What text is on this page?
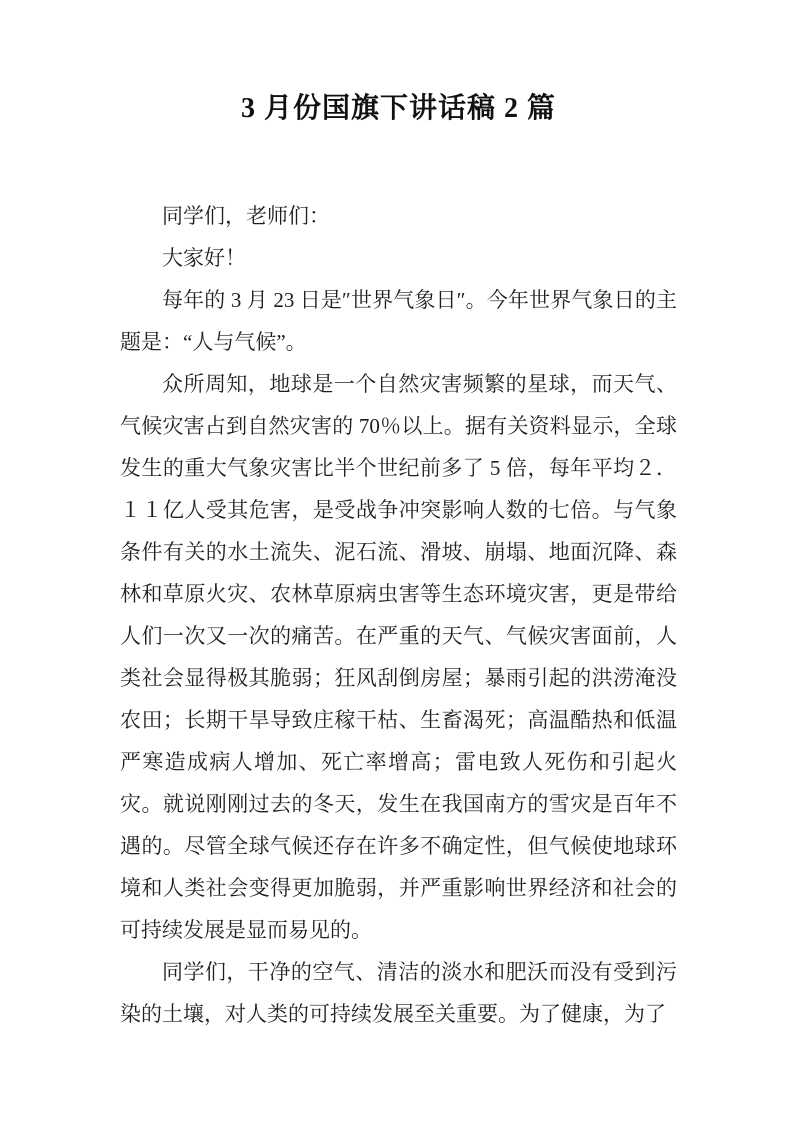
3 月份国旗下讲话稿 2 篇

同学们，老师们：

大家好！

每年的 3 月 23 日是″世界气象日″。今年世界气象日的主题是：“人与气候”。

众所周知，地球是一个自然灾害频繁的星球，而天气、气候灾害占到自然灾害的 70％以上。据有关资料显示，全球发生的重大气象灾害比半个世纪前多了 5 倍，每年平均２．１１亿人受其危害，是受战争冲突影响人数的七倍。与气象条件有关的水土流失、泥石流、滑坡、崩塌、地面沉降、森林和草原火灾、农林草原病虫害等生态环境灾害，更是带给人们一次又一次的痛苦。在严重的天气、气候灾害面前，人类社会显得极其脆弱；狂风刮倒房屋；暴雨引起的洪涝淹没农田；长期干旱导致庄稼干枯、生畜渴死；高温酷热和低温严寒造成病人增加、死亡率增高；雷电致人死伤和引起火灾。就说刚刚过去的冬天，发生在我国南方的雪灾是百年不遇的。尽管全球气候还存在许多不确定性，但气候使地球环境和人类社会变得更加脆弱，并严重影响世界经济和社会的可持续发展是显而易见的。

同学们，干净的空气、清洁的淡水和肥沃而没有受到污染的土壤，对人类的可持续发展至关重要。为了健康，为了
